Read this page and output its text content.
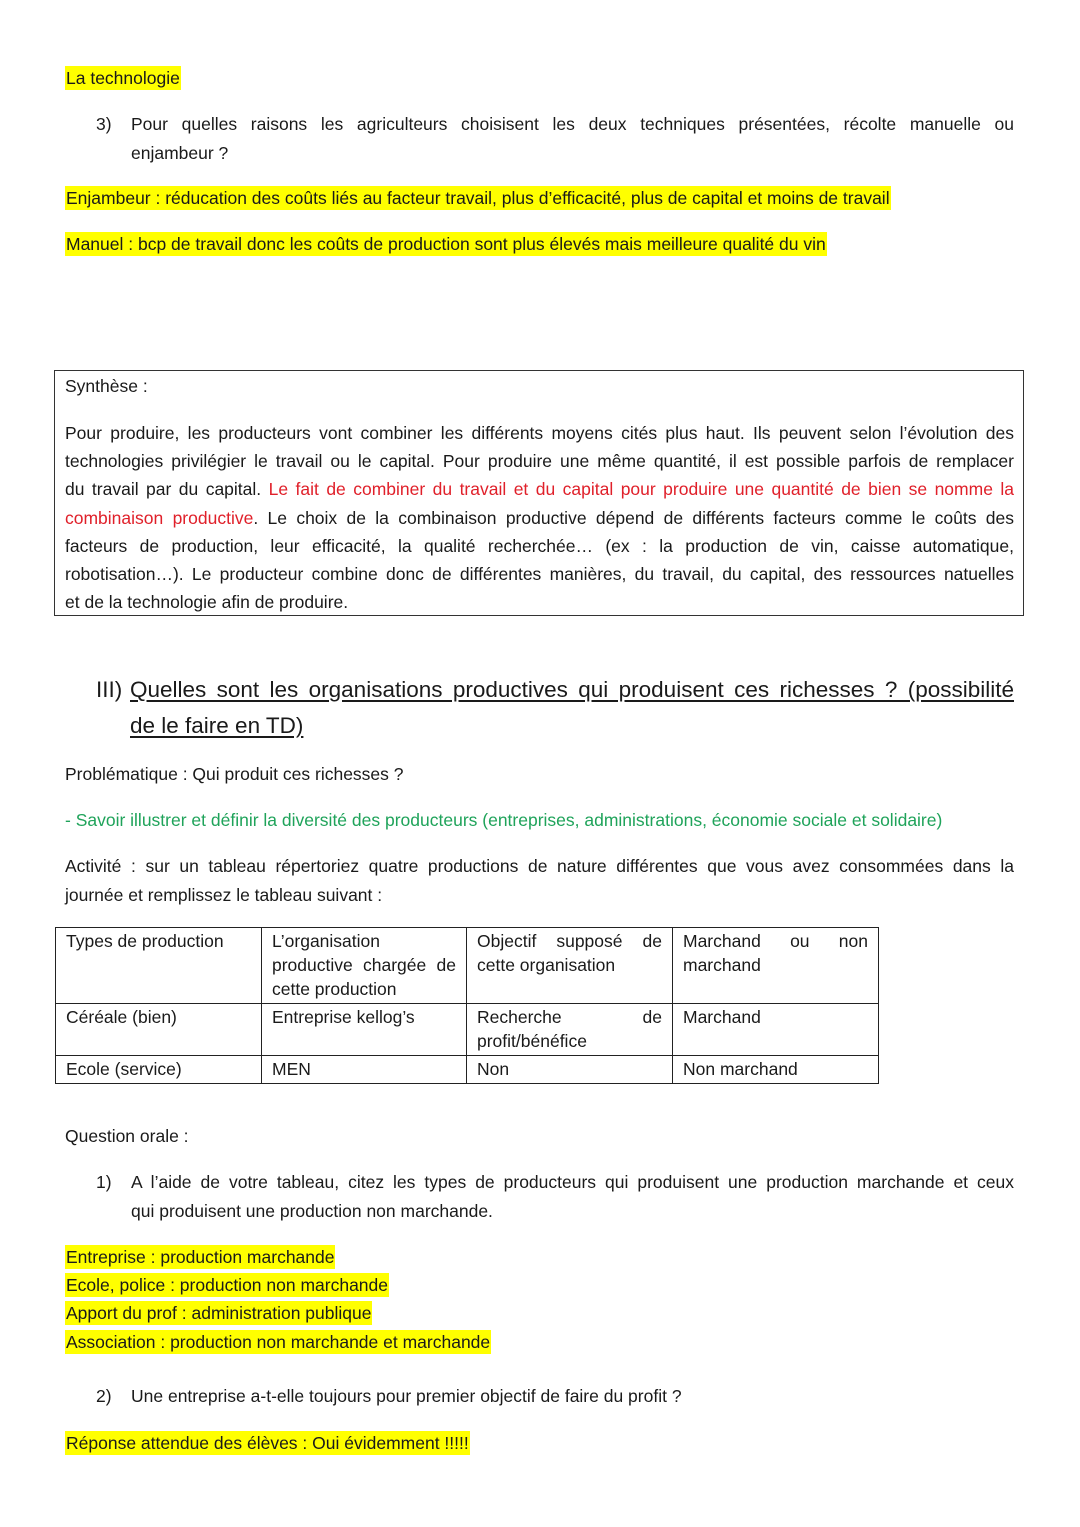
La technologie
3) Pour quelles raisons les agriculteurs choisisent les deux techniques présentées, récolte manuelle ou
enjambeur ?
Enjambeur : réducation des coûts liés au facteur travail, plus d’efficacité, plus de capital et moins de travail
Manuel : bcp de travail donc les coûts de production sont plus élevés mais meilleure qualité du vin
Synthèse :
Pour produire, les producteurs vont combiner les différents moyens cités plus haut. Ils peuvent selon l’évolution des
technologies privilégier le travail ou le capital. Pour produire une même quantité, il est possible parfois de remplacer
du travail par du capital. Le fait de combiner du travail et du capital pour produire une quantité de bien se nomme la
combinaison productive. Le choix de la combinaison productive dépend de différents facteurs comme le coûts des
facteurs de production, leur efficacité, la qualité recherchée… (ex : la production de vin, caisse automatique,
robotisation…). Le producteur combine donc de différentes manières, du travail, du capital, des ressources natuelles
et de la technologie afin de produire.
III) Quelles sont les organisations productives qui produisent ces richesses ? (possibilité
de le faire en TD)
Problématique : Qui produit ces richesses ?
- Savoir illustrer et définir la diversité des producteurs (entreprises, administrations, économie sociale et solidaire)
Activité : sur un tableau répertoriez quatre productions de nature différentes que vous avez consommées dans la
journée et remplissez le tableau suivant :
Types de production	L’organisation
productive chargée de
cette production	Objectif supposé de
cette organisation	Marchand ou non
marchand

Céréale (bien)	Entreprise kellog’s	Recherche de
profit/bénéfice	Marchand
Ecole (service)	MEN	Non	Non marchand
Question orale :
1) A l’aide de votre tableau, citez les types de producteurs qui produisent une production marchande et ceux
qui produisent une production non marchande.
Entreprise : production marchande
Ecole, police : production non marchande
Apport du prof : administration publique
Association : production non marchande et marchande
2) Une entreprise a-t-elle toujours pour premier objectif de faire du profit ?
Réponse attendue des élèves : Oui évidemment !!!!!
